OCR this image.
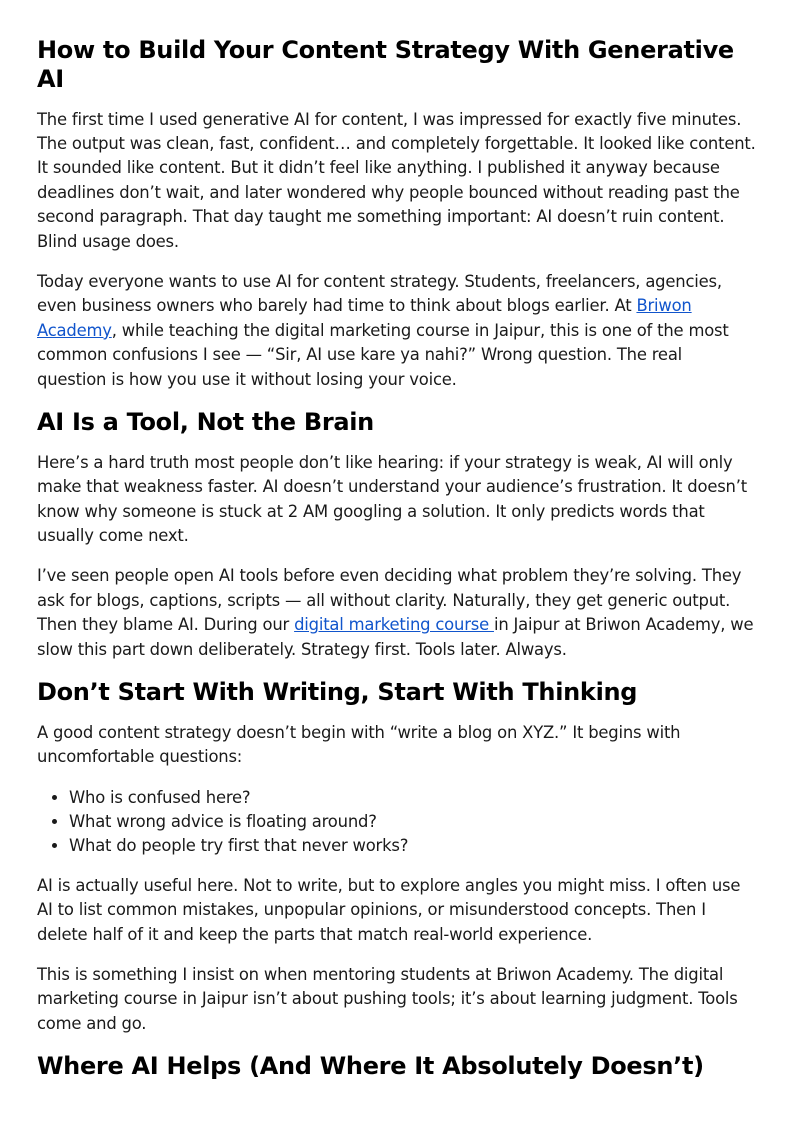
How to Build Your Content Strategy With Generative AI

The first time I used generative AI for content, I was impressed for exactly five minutes. The output was clean, fast, confident… and completely forgettable. It looked like content. It sounded like content. But it didn’t feel like anything. I published it anyway because deadlines don’t wait, and later wondered why people bounced without reading past the second paragraph. That day taught me something important: AI doesn’t ruin content. Blind usage does.

Today everyone wants to use AI for content strategy. Students, freelancers, agencies, even business owners who barely had time to think about blogs earlier. At Briwon Academy, while teaching the digital marketing course in Jaipur, this is one of the most common confusions I see — “Sir, AI use kare ya nahi?” Wrong question. The real question is how you use it without losing your voice.

AI Is a Tool, Not the Brain

Here’s a hard truth most people don’t like hearing: if your strategy is weak, AI will only make that weakness faster. AI doesn’t understand your audience’s frustration. It doesn’t know why someone is stuck at 2 AM googling a solution. It only predicts words that usually come next.

I’ve seen people open AI tools before even deciding what problem they’re solving. They ask for blogs, captions, scripts — all without clarity. Naturally, they get generic output. Then they blame AI. During our digital marketing course in Jaipur at Briwon Academy, we slow this part down deliberately. Strategy first. Tools later. Always.

Don’t Start With Writing, Start With Thinking

A good content strategy doesn’t begin with “write a blog on XYZ.” It begins with uncomfortable questions:

• Who is confused here?
• What wrong advice is floating around?
• What do people try first that never works?

AI is actually useful here. Not to write, but to explore angles you might miss. I often use AI to list common mistakes, unpopular opinions, or misunderstood concepts. Then I delete half of it and keep the parts that match real-world experience.

This is something I insist on when mentoring students at Briwon Academy. The digital marketing course in Jaipur isn’t about pushing tools; it’s about learning judgment. Tools come and go.

Where AI Helps (And Where It Absolutely Doesn’t)
